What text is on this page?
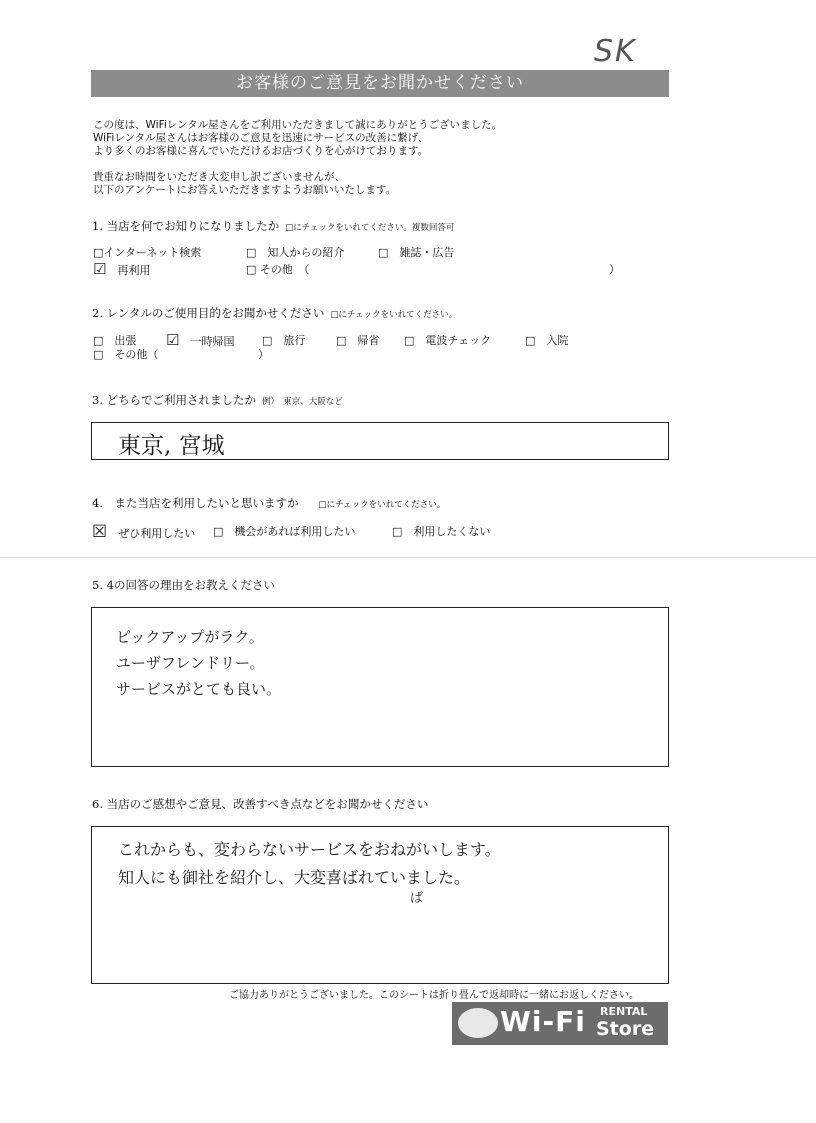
SK
お客様のご意見をお聞かせください
この度は、WiFiレンタル屋さんをご利用いただきまして誠にありがとうございました。
WiFiレンタル屋さんはお客様のご意見を迅速にサービスの改善に繋げ、
より多くのお客様に喜んでいただけるお店づくりを心がけております。
貴重なお時間をいただき大変申し訳ございませんが、
以下のアンケートにお答えいただきますようお願いいたします。
1. 当店を何でお知りになりましたか □にチェックをいれてください。複数回答可
□インターネット検索	□　知人からの紹介	□　雑誌・広告
☑　再利用	□ その他　（	）
2. レンタルのご使用目的をお聞かせください □にチェックをいれてください。
□　出張 ☑　一時帰国	□　旅行	□　帰省 □　電波チェック	□　入院
□　その他（	）
3. どちらでご利用されましたか 例）　東京、大阪など
東京, 宮城
4.　また当店を利用したいと思いますか □にチェックをいれてください。
☒　ぜひ利用したい □　機会があれば利用したい	□　利用したくない
5. 4の回答の理由をお教えください
ピックアップがラク。
ユーザフレンドリー。
サービスがとても良い。
6. 当店のご感想やご意見、改善すべき点などをお聞かせください
これからも、変わらないサービスをおねがいします。
知人にも御社を紹介し、大変喜ばれていました。
ば
ご協力ありがとうございました。このシートは折り畳んで返却時に一緒にお返しください。
Wi-Fi RENTAL
Store
